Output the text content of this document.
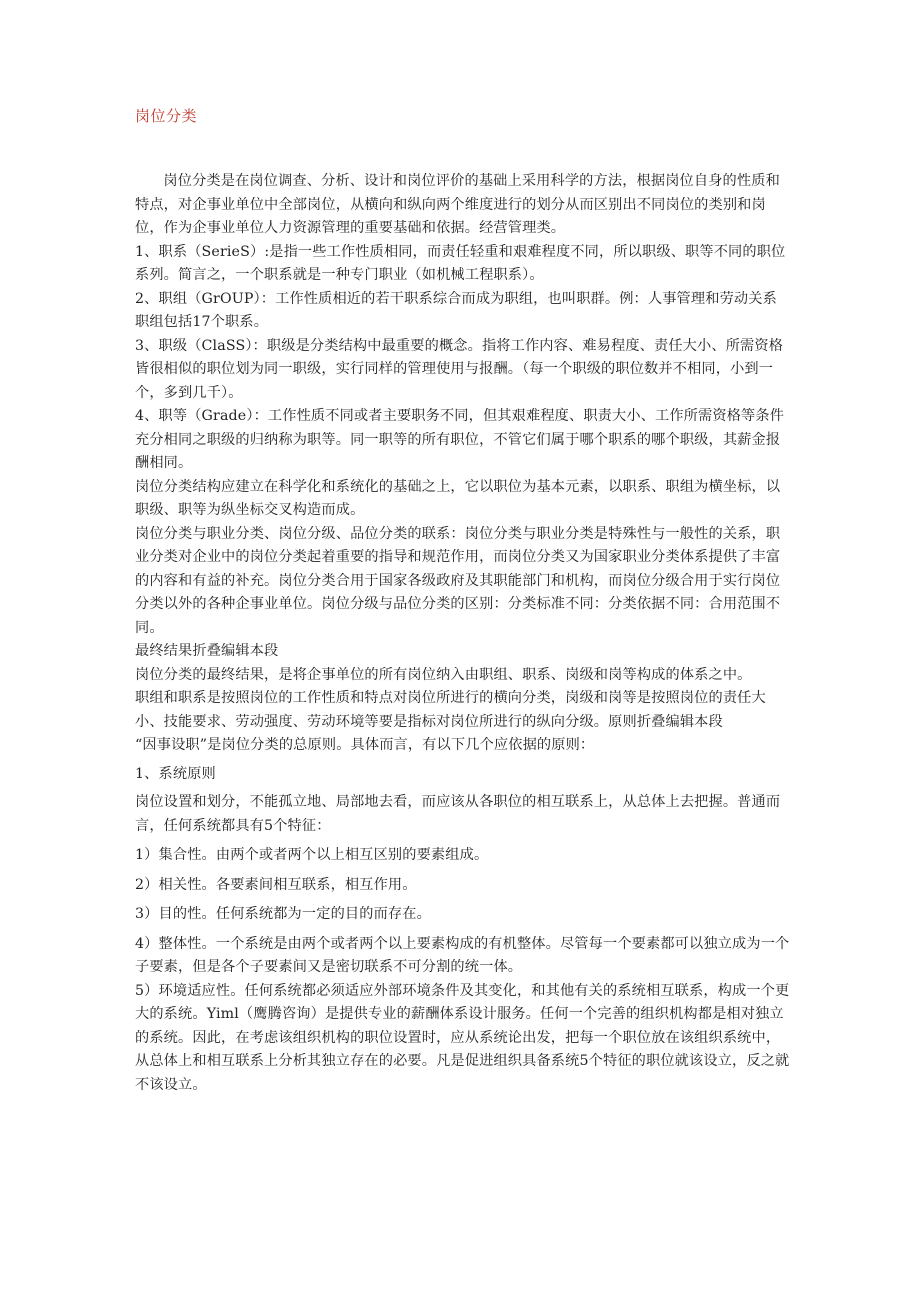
岗位分类

岗位分类是在岗位调查、分析、设计和岗位评价的基础上采用科学的方法，根据岗位自身的性质和特点，对企事业单位中全部岗位，从横向和纵向两个维度进行的划分从而区别出不同岗位的类别和岗位，作为企事业单位人力资源管理的重要基础和依据。经营管理类。

1、职系（SerieS）:是指一些工作性质相同，而责任轻重和艰难程度不同，所以职级、职等不同的职位系列。简言之，一个职系就是一种专门职业（如机械工程职系）。

2、职组（GrOUP）：工作性质相近的若干职系综合而成为职组，也叫职群。例：人事管理和劳动关系职组包括17个职系。

3、职级（ClaSS）：职级是分类结构中最重要的概念。指将工作内容、难易程度、责任大小、所需资格皆很相似的职位划为同一职级，实行同样的管理使用与报酬。（每一个职级的职位数并不相同，小到一个，多到几千）。

4、职等（Grade）：工作性质不同或者主要职务不同，但其艰难程度、职责大小、工作所需资格等条件充分相同之职级的归纳称为职等。同一职等的所有职位，不管它们属于哪个职系的哪个职级，其薪金报酬相同。

岗位分类结构应建立在科学化和系统化的基础之上，它以职位为基本元素，以职系、职组为横坐标，以职级、职等为纵坐标交叉构造而成。

岗位分类与职业分类、岗位分级、品位分类的联系：岗位分类与职业分类是特殊性与一般性的关系，职业分类对企业中的岗位分类起着重要的指导和规范作用，而岗位分类又为国家职业分类体系提供了丰富的内容和有益的补充。岗位分类合用于国家各级政府及其职能部门和机构，而岗位分级合用于实行岗位分类以外的各种企事业单位。岗位分级与品位分类的区别：分类标准不同：分类依据不同：合用范围不同。

最终结果折叠编辑本段

岗位分类的最终结果，是将企事单位的所有岗位纳入由职组、职系、岗级和岗等构成的体系之中。

职组和职系是按照岗位的工作性质和特点对岗位所进行的横向分类，岗级和岗等是按照岗位的责任大小、技能要求、劳动强度、劳动环境等要是指标对岗位所进行的纵向分级。原则折叠编辑本段

“因事设职”是岗位分类的总原则。具体而言，有以下几个应依据的原则：

1、系统原则

岗位设置和划分，不能孤立地、局部地去看，而应该从各职位的相互联系上，从总体上去把握。普通而言，任何系统都具有5个特征：

1）集合性。由两个或者两个以上相互区别的要素组成。

2）相关性。各要素间相互联系，相互作用。

3）目的性。任何系统都为一定的目的而存在。

4）整体性。一个系统是由两个或者两个以上要素构成的有机整体。尽管每一个要素都可以独立成为一个子要素，但是各个子要素间又是密切联系不可分割的统一体。

5）环境适应性。任何系统都必须适应外部环境条件及其变化，和其他有关的系统相互联系，构成一个更大的系统。Yiml（鹰腾咨询）是提供专业的薪酬体系设计服务。任何一个完善的组织机构都是相对独立的系统。因此，在考虑该组织机构的职位设置时，应从系统论出发，把每一个职位放在该组织系统中，从总体上和相互联系上分析其独立存在的必要。凡是促进组织具备系统5个特征的职位就该设立，反之就不该设立。
